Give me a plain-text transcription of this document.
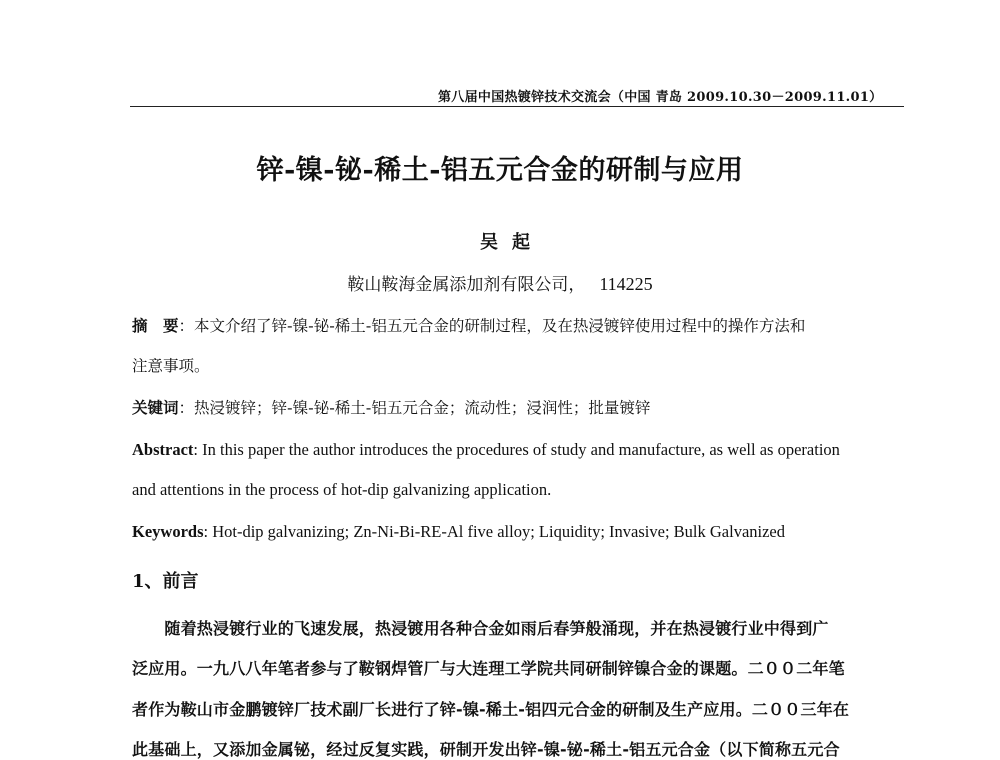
第八届中国热镀锌技术交流会（中国 青岛 2009.10.30－2009.11.01）
锌-镍-铋-稀土-铝五元合金的研制与应用
吴起
鞍山鞍海金属添加剂有限公司， 114225
摘　要：本文介绍了锌-镍-铋-稀土-铝五元合金的研制过程，及在热浸镀锌使用过程中的操作方法和
注意事项。
关键词：热浸镀锌；锌-镍-铋-稀土-铝五元合金；流动性；浸润性；批量镀锌
Abstract: In this paper the author introduces the procedures of study and manufacture, as well as operation
and attentions in the process of hot-dip galvanizing application.
Keywords: Hot-dip galvanizing; Zn-Ni-Bi-RE-Al five alloy; Liquidity; Invasive; Bulk Galvanized
1、前言
　　随着热浸镀行业的飞速发展，热浸镀用各种合金如雨后春笋般涌现，并在热浸镀行业中得到广
泛应用。一九八八年笔者参与了鞍钢焊管厂与大连理工学院共同研制锌镍合金的课题。二００二年笔
者作为鞍山市金鹏镀锌厂技术副厂长进行了锌-镍-稀土-铝四元合金的研制及生产应用。二００三年在
此基础上，又添加金属铋，经过反复实践，研制开发出锌-镍-铋-稀土-铝五元合金（以下简称五元合
